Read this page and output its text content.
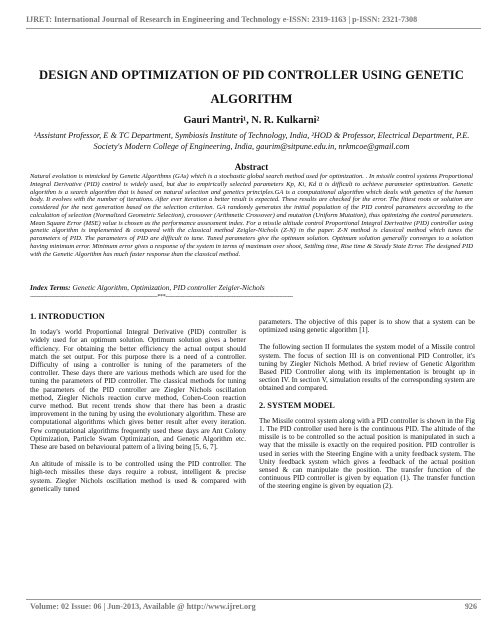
IJRET: International Journal of Research in Engineering and Technology e-ISSN: 2319-1163 | p-ISSN: 2321-7308
DESIGN AND OPTIMIZATION OF PID CONTROLLER USING GENETIC ALGORITHM
Gauri Mantri¹, N. R. Kulkarni²
¹Assistant Professor, E & TC Department, Symbiosis Institute of Technology, India, ²HOD & Professor, Electrical Department, P.E. Society's Modern College of Engineering, India, gaurim@sitpune.edu.in, nrkmcoe@gmail.com
Abstract

Natural evolution is mimicked by Genetic Algorithms (GAs) which is a stochastic global search method used for optimization. . In missile control systems Proportional Integral Derivative (PID) control is widely used, but due to empirically selected parameters Kp, Ki, Kd it is difficult to achieve parameter optimization. Genetic algorithm is a search algorithm that is based on natural selection and genetics principles.GA is a computational algorithm which deals with genetics of the human body. It evolves with the number of iterations. After ever iteration a better result is expected. These results are checked for the error. The fittest roots or solution are considered for the next generation based on the selection criterion. GA randomly generates the initial population of the PID control parameters according to the calculation of selection (Normalized Geometric Selection), crossover (Arithmetic Crossover) and mutation (Uniform Mutation), thus optimizing the control parameters. Mean Square Error (MSE) value is chosen as the performance assessment index. For a missile altitude control Proportional Integral Derivative (PID) controller using genetic algorithm is implemented & compared with the classical method Zeigler-Nichols (Z-N) in the paper. Z-N method is classical method which tunes the parameters of PID. The parameters of PID are difficult to tune. Tuned parameters give the optimum solution. Optimum solution generally converges to a solution having minimum error. Minimum error gives a response of the system in terms of maximum over shoot, Settling time, Rise time & Steady State Error. The designed PID with the Genetic Algorithm has much faster response than the classical method.

Index Terms: Genetic Algorithm, Optimization, PID controller Zeigler-Nichols
---------------------------------------------------------------------------***---------------------------------------------------------------------------
1. INTRODUCTION

In today's world Proportional Integral Derivative (PID) controller is widely used for an optimum solution. Optimum solution gives a better efficiency. For obtaining the better efficiency the actual output should match the set output. For this purpose there is a need of a controller. Difficulty of using a controller is tuning of the parameters of the controller. These days there are various methods which are used for the tuning the parameters of PID controller. The classical methods for tuning the parameters of the PID controller are Ziegler Nichols oscillation method, Ziegler Nichols reaction curve method, Cohen-Coon reaction curve method. But recent trends show that there has been a drastic improvement in the tuning by using the evolutionary algorithm. These are computational algorithms which gives better result after every iteration. Few computational algorithms frequently used these days are Ant Colony Optimization, Particle Swam Optimization, and Genetic Algorithm etc. These are based on behavioural pattern of a living being [5, 6, 7].

An altitude of missile is to be controlled using the PID controller. The high-tech missiles these days require a robust, intelligent & precise system. Ziegler Nichols oscillation method is used & compared with genetically tuned

parameters. The objective of this paper is to show that a system can be optimized using genetic algorithm [1].

The following section II formulates the system model of a Missile control system. The focus of section III is on conventional PID Controller, it's tuning by Ziegler Nichols Method. A brief review of Genetic Algorithm Based PID Controller along with its implementation is brought up in section IV. In section V, simulation results of the corresponding system are obtained and compared.

2. SYSTEM MODEL

The Missile control system along with a PID controller is shown in the Fig 1. The PID controller used here is the continuous PID. The altitude of the missile is to be controlled so the actual position is manipulated in such a way that the missile is exactly on the required position. PID controller is used in series with the Steering Engine with a unity feedback system. The Unity feedback system which gives a feedback of the actual position sensed & can manipulate the position. The transfer function of the continuous PID controller is given by equation (1). The transfer function of the steering engine is given by equation (2).

Volume: 02 Issue: 06 | Jun-2013, Available @ http://www.ijret.org	926
